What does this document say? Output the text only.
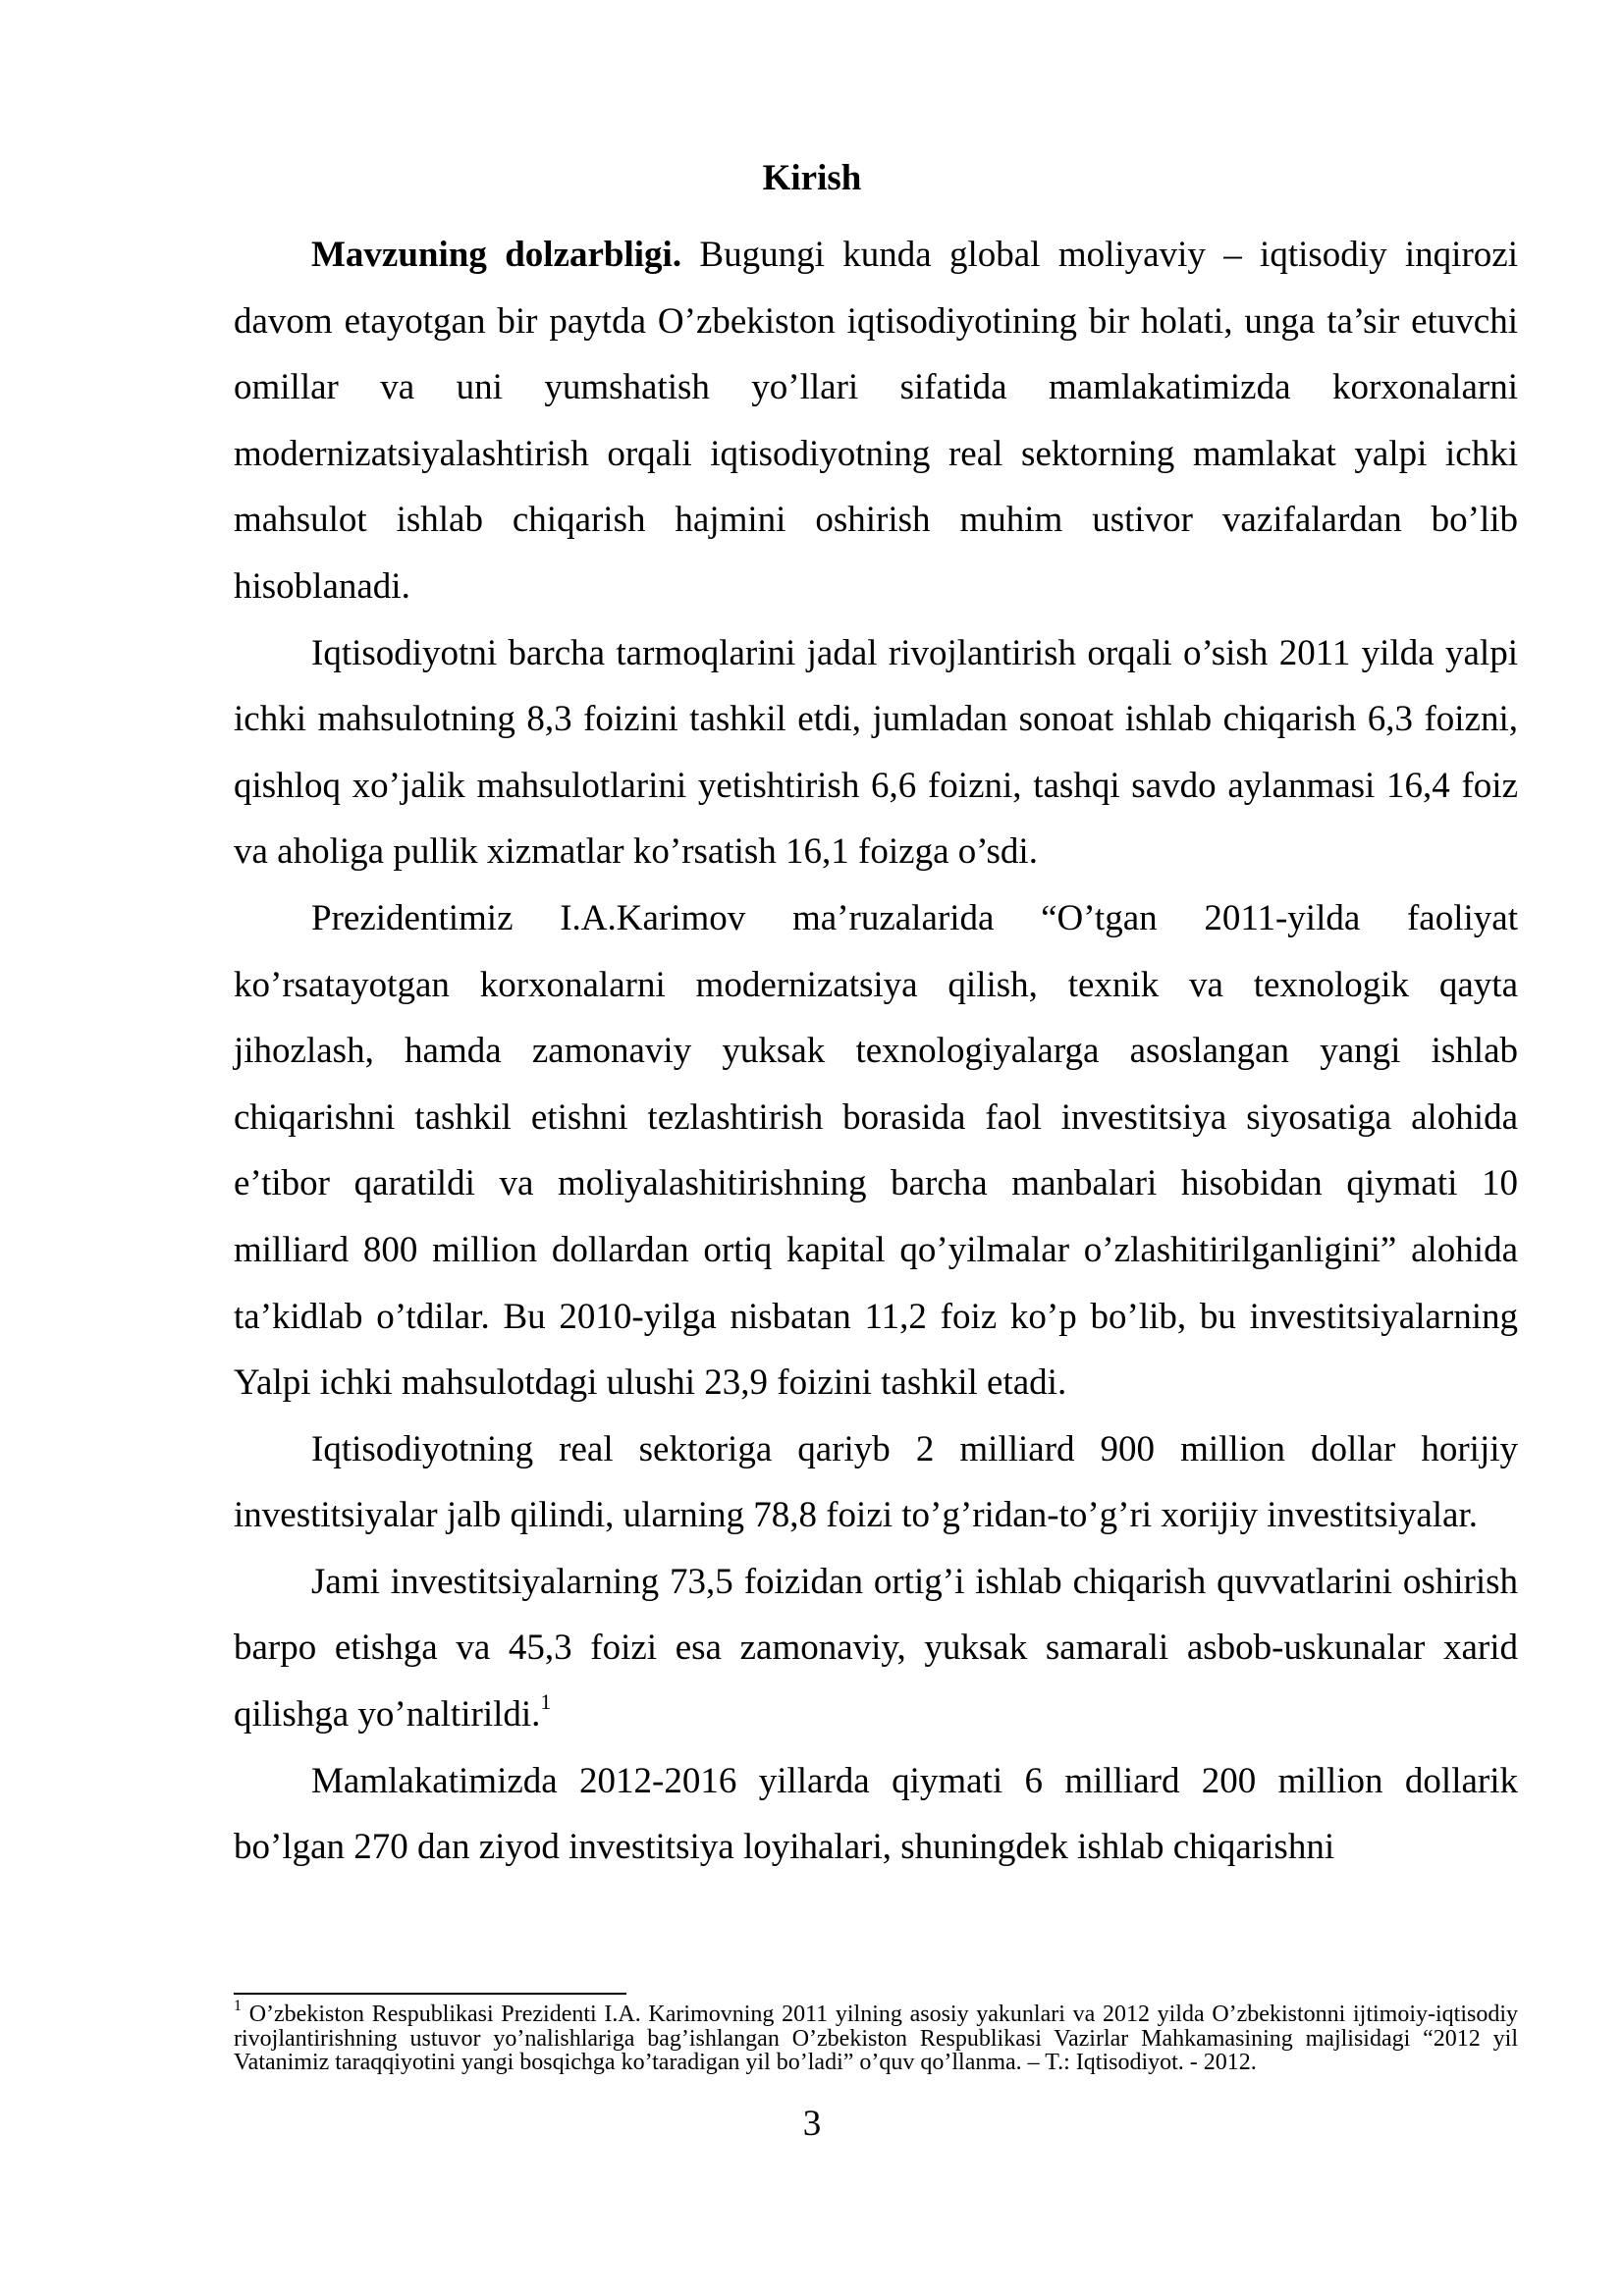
Kirish

Mavzuning dolzarbligi. Bugungi kunda global moliyaviy – iqtisodiy inqirozi davom etayotgan bir paytda O’zbekiston iqtisodiyotining bir holati, unga ta’sir etuvchi omillar va uni yumshatish yo’llari sifatida mamlakatimizda korxonalarni modernizatsiyalashtirish orqali iqtisodiyotning real sektorning mamlakat yalpi ichki mahsulot ishlab chiqarish hajmini oshirish muhim ustivor vazifalardan bo’lib hisoblanadi.

Iqtisodiyotni barcha tarmoqlarini jadal rivojlantirish orqali o’sish 2011 yilda yalpi ichki mahsulotning 8,3 foizini tashkil etdi, jumladan sonoat ishlab chiqarish 6,3 foizni, qishloq xo’jalik mahsulotlarini yetishtirish 6,6 foizni, tashqi savdo aylanmasi 16,4 foiz va aholiga pullik xizmatlar ko’rsatish 16,1 foizga o’sdi.

Prezidentimiz I.A.Karimov ma’ruzalarida “O’tgan 2011-yilda faoliyat ko’rsatayotgan korxonalarni modernizatsiya qilish, texnik va texnologik qayta jihozlash, hamda zamonaviy yuksak texnologiyalarga asoslangan yangi ishlab chiqarishni tashkil etishni tezlashtirish borasida faol investitsiya siyosatiga alohida e’tibor qaratildi va moliyalashitirishning barcha manbalari hisobidan qiymati 10 milliard 800 million dollardan ortiq kapital qo’yilmalar o’zlashitirilganligini” alohida ta’kidlab o’tdilar. Bu 2010-yilga nisbatan 11,2 foiz ko’p bo’lib, bu investitsiyalarning Yalpi ichki mahsulotdagi ulushi 23,9 foizini tashkil etadi.

Iqtisodiyotning real sektoriga qariyb 2 milliard 900 million dollar horijiy investitsiyalar jalb qilindi, ularning 78,8 foizi to’g’ridan-to’g’ri xorijiy investitsiyalar.

Jami investitsiyalarning 73,5 foizidan ortig’i ishlab chiqarish quvvatlarini oshirish barpo etishga va 45,3 foizi esa zamonaviy, yuksak samarali asbob-uskunalar xarid qilishga yo’naltirildi.$^1$

Mamlakatimizda 2012-2016 yillarda qiymati 6 milliard 200 million dollarik bo’lgan 270 dan ziyod investitsiya loyihalari, shuningdek ishlab chiqarishni

$^1$ O’zbekiston Respublikasi Prezidenti I.A. Karimovning 2011 yilning asosiy yakunlari va 2012 yilda O’zbekistonni ijtimoiy-iqtisodiy rivojlantirishning ustuvor yo’nalishlariga bag’ishlangan O’zbekiston Respublikasi Vazirlar Mahkamasining majlisidagi “2012 yil Vatanimiz taraqqiyotini yangi bosqichga ko’taradigan yil bo’ladi” o’quv qo’llanma. – T.: Iqtisodiyot. - 2012.

3
